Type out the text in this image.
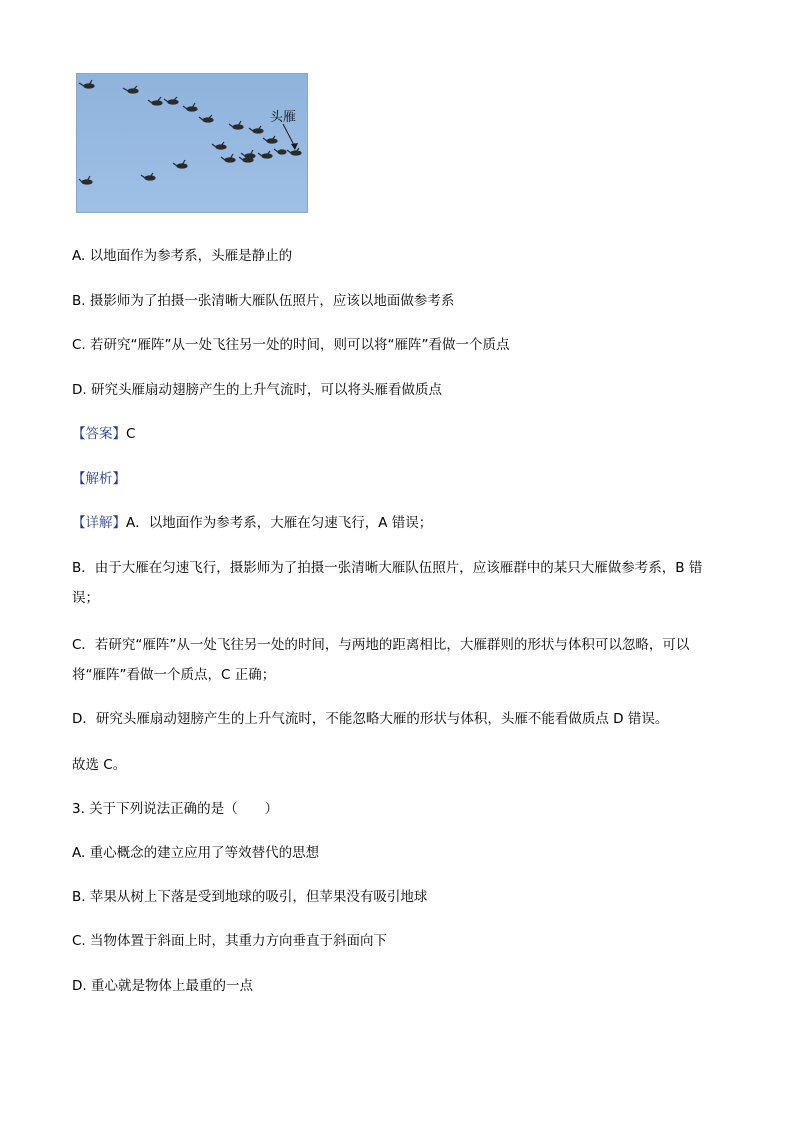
头雁
A. 以地面作为参考系，头雁是静止的
B. 摄影师为了拍摄一张清晰大雁队伍照片，应该以地面做参考系
C. 若研究“雁阵”从一处飞往另一处的时间，则可以将“雁阵”看做一个质点
D. 研究头雁扇动翅膀产生的上升气流时，可以将头雁看做质点
【答案】C
【解析】
【详解】A．以地面作为参考系，大雁在匀速飞行，A 错误；
B．由于大雁在匀速飞行，摄影师为了拍摄一张清晰大雁队伍照片，应该雁群中的某只大雁做参考系，B 错
误；
C．若研究“雁阵”从一处飞往另一处的时间，与两地的距离相比，大雁群则的形状与体积可以忽略，可以
将“雁阵”看做一个质点，C 正确；
D．研究头雁扇动翅膀产生的上升气流时，不能忽略大雁的形状与体积，头雁不能看做质点 D 错误。
故选 C。
3. 关于下列说法正确的是（　　）
A. 重心概念的建立应用了等效替代的思想
B. 苹果从树上下落是受到地球的吸引，但苹果没有吸引地球
C. 当物体置于斜面上时，其重力方向垂直于斜面向下
D. 重心就是物体上最重的一点
